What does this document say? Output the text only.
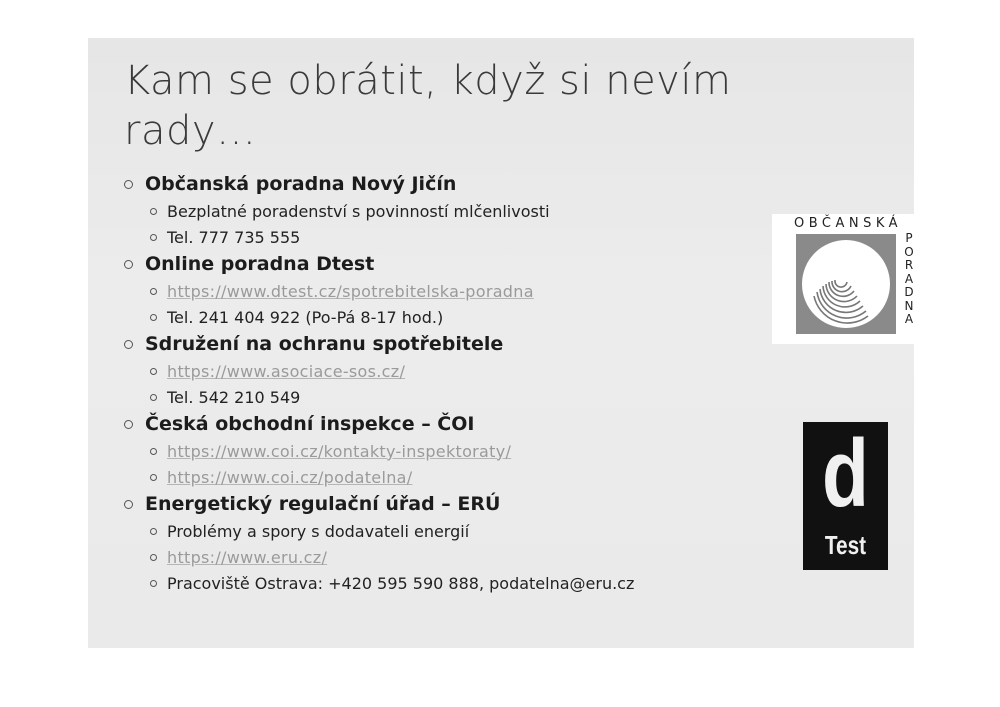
Kam se obrátit, když si nevím rady…
Občanská poradna Nový Jičín
Bezplatné poradenství s povinností mlčenlivosti
Tel. 777 735 555
Online poradna Dtest
https://www.dtest.cz/spotrebitelska-poradna
Tel. 241 404 922 (Po-Pá 8-17 hod.)
Sdružení na ochranu spotřebitele
https://www.asociace-sos.cz/
Tel. 542 210 549
Česká obchodní inspekce – ČOI
https://www.coi.cz/kontakty-inspektoraty/
https://www.coi.cz/podatelna/
Energetický regulační úřad – ERÚ
Problémy a spory s dodavateli energií
https://www.eru.cz/
Pracoviště Ostrava: +420 595 590 888, podatelna@eru.cz
OBČANSKÁ
P
O
R
A
D
N
A
d
Test
